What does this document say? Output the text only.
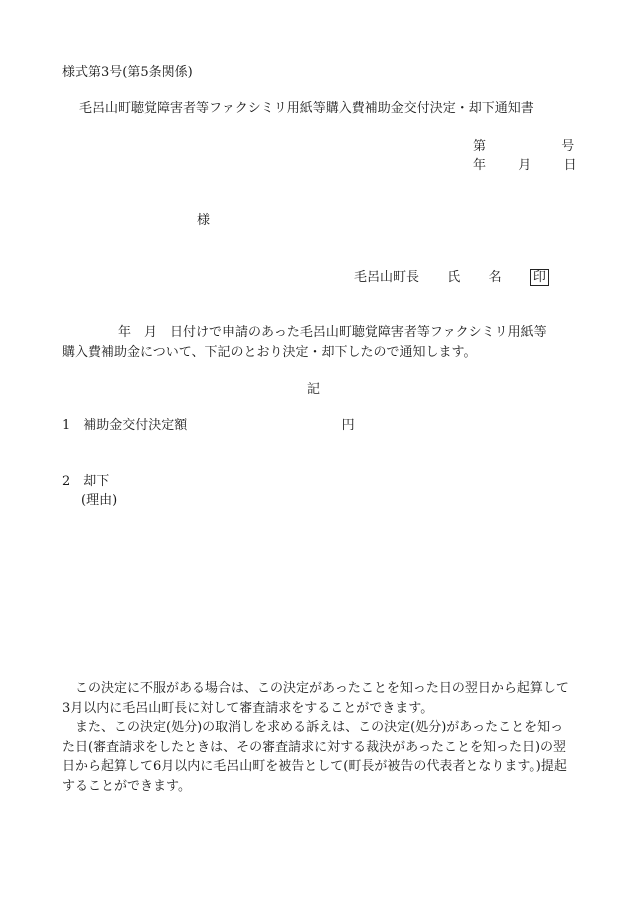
様式第3号(第5条関係)
毛呂山町聴覚障害者等ファクシミリ用紙等購入費補助金交付決定・却下通知書
第	号
年 月 日
様
毛呂山町長 氏 名 印
年　月　日付けで申請のあった毛呂山町聴覚障害者等ファクシミリ用紙等
購入費補助金について、下記のとおり決定・却下したので通知します。
記
1　補助金交付決定額	円
2　却下
(理由)
この決定に不服がある場合は、この決定があったことを知った日の翌日から起算して3月以内に毛呂山町長に対して審査請求をすることができます。
また、この決定(処分)の取消しを求める訴えは、この決定(処分)があったことを知った日(審査請求をしたときは、その審査請求に対する裁決があったことを知った日)の翌日から起算して6月以内に毛呂山町を被告として(町長が被告の代表者となります。)提起することができます。
